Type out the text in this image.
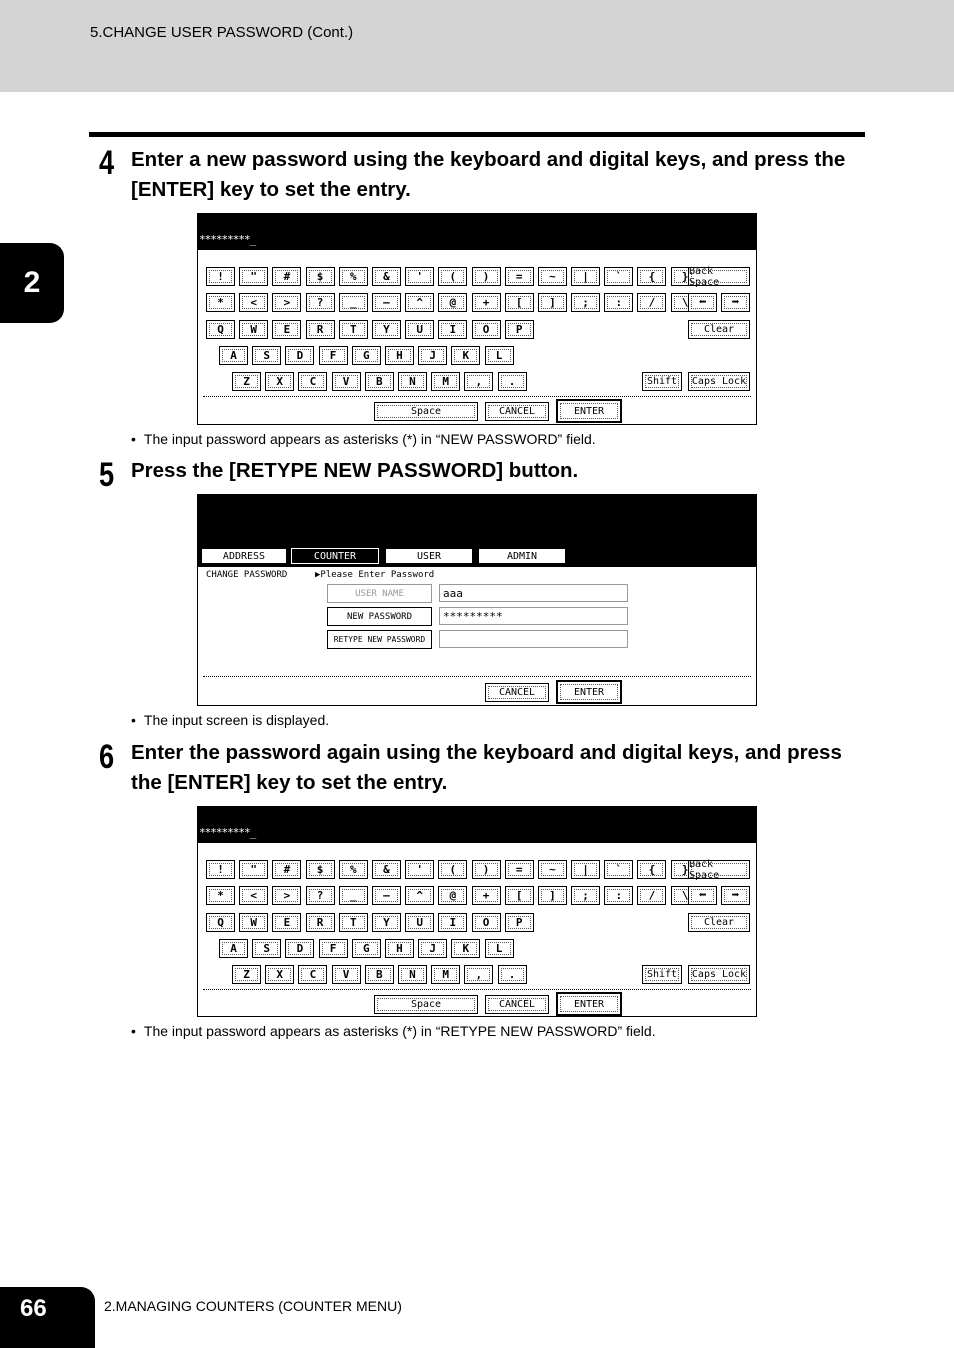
5.CHANGE USER PASSWORD (Cont.)
2
4 Enter a new password using the keyboard and digital keys, and press the [ENTER] key to set the entry.
*********_
!	"	#	$	%	&	'	(	)	=	~	|	`	{	}
*	<	>	?	_	—	^	@	+	[	]	;	:	/	\
Q	W	E	R	T	Y	U	I	O	P
A	S	D	F	G	H	J	K	L
Z	X	C	V	B	N	M	,	.
Back Space
⬅	➡
Clear
Shift	Caps Lock
Space	CANCEL	ENTER
• The input password appears as asterisks (*) in “NEW PASSWORD” field.
5 Press the [RETYPE NEW PASSWORD] button.
ADDRESS	COUNTER	USER	ADMIN
CHANGE PASSWORD	▶Please Enter Password
USER NAME	aaa
NEW PASSWORD	*********
RETYPE NEW PASSWORD
CANCEL	ENTER
• The input screen is displayed.
6 Enter the password again using the keyboard and digital keys, and press the [ENTER] key to set the entry.
*********_
!	"	#	$	%	&	'	(	)	=	~	|	`	{	}
*	<	>	?	_	—	^	@	+	[	]	;	:	/	\
Q	W	E	R	T	Y	U	I	O	P
A	S	D	F	G	H	J	K	L
Z	X	C	V	B	N	M	,	.
Back Space
⬅	➡
Clear
Shift	Caps Lock
Space	CANCEL	ENTER
• The input password appears as asterisks (*) in “RETYPE NEW PASSWORD” field.
66	2.MANAGING COUNTERS (COUNTER MENU)
